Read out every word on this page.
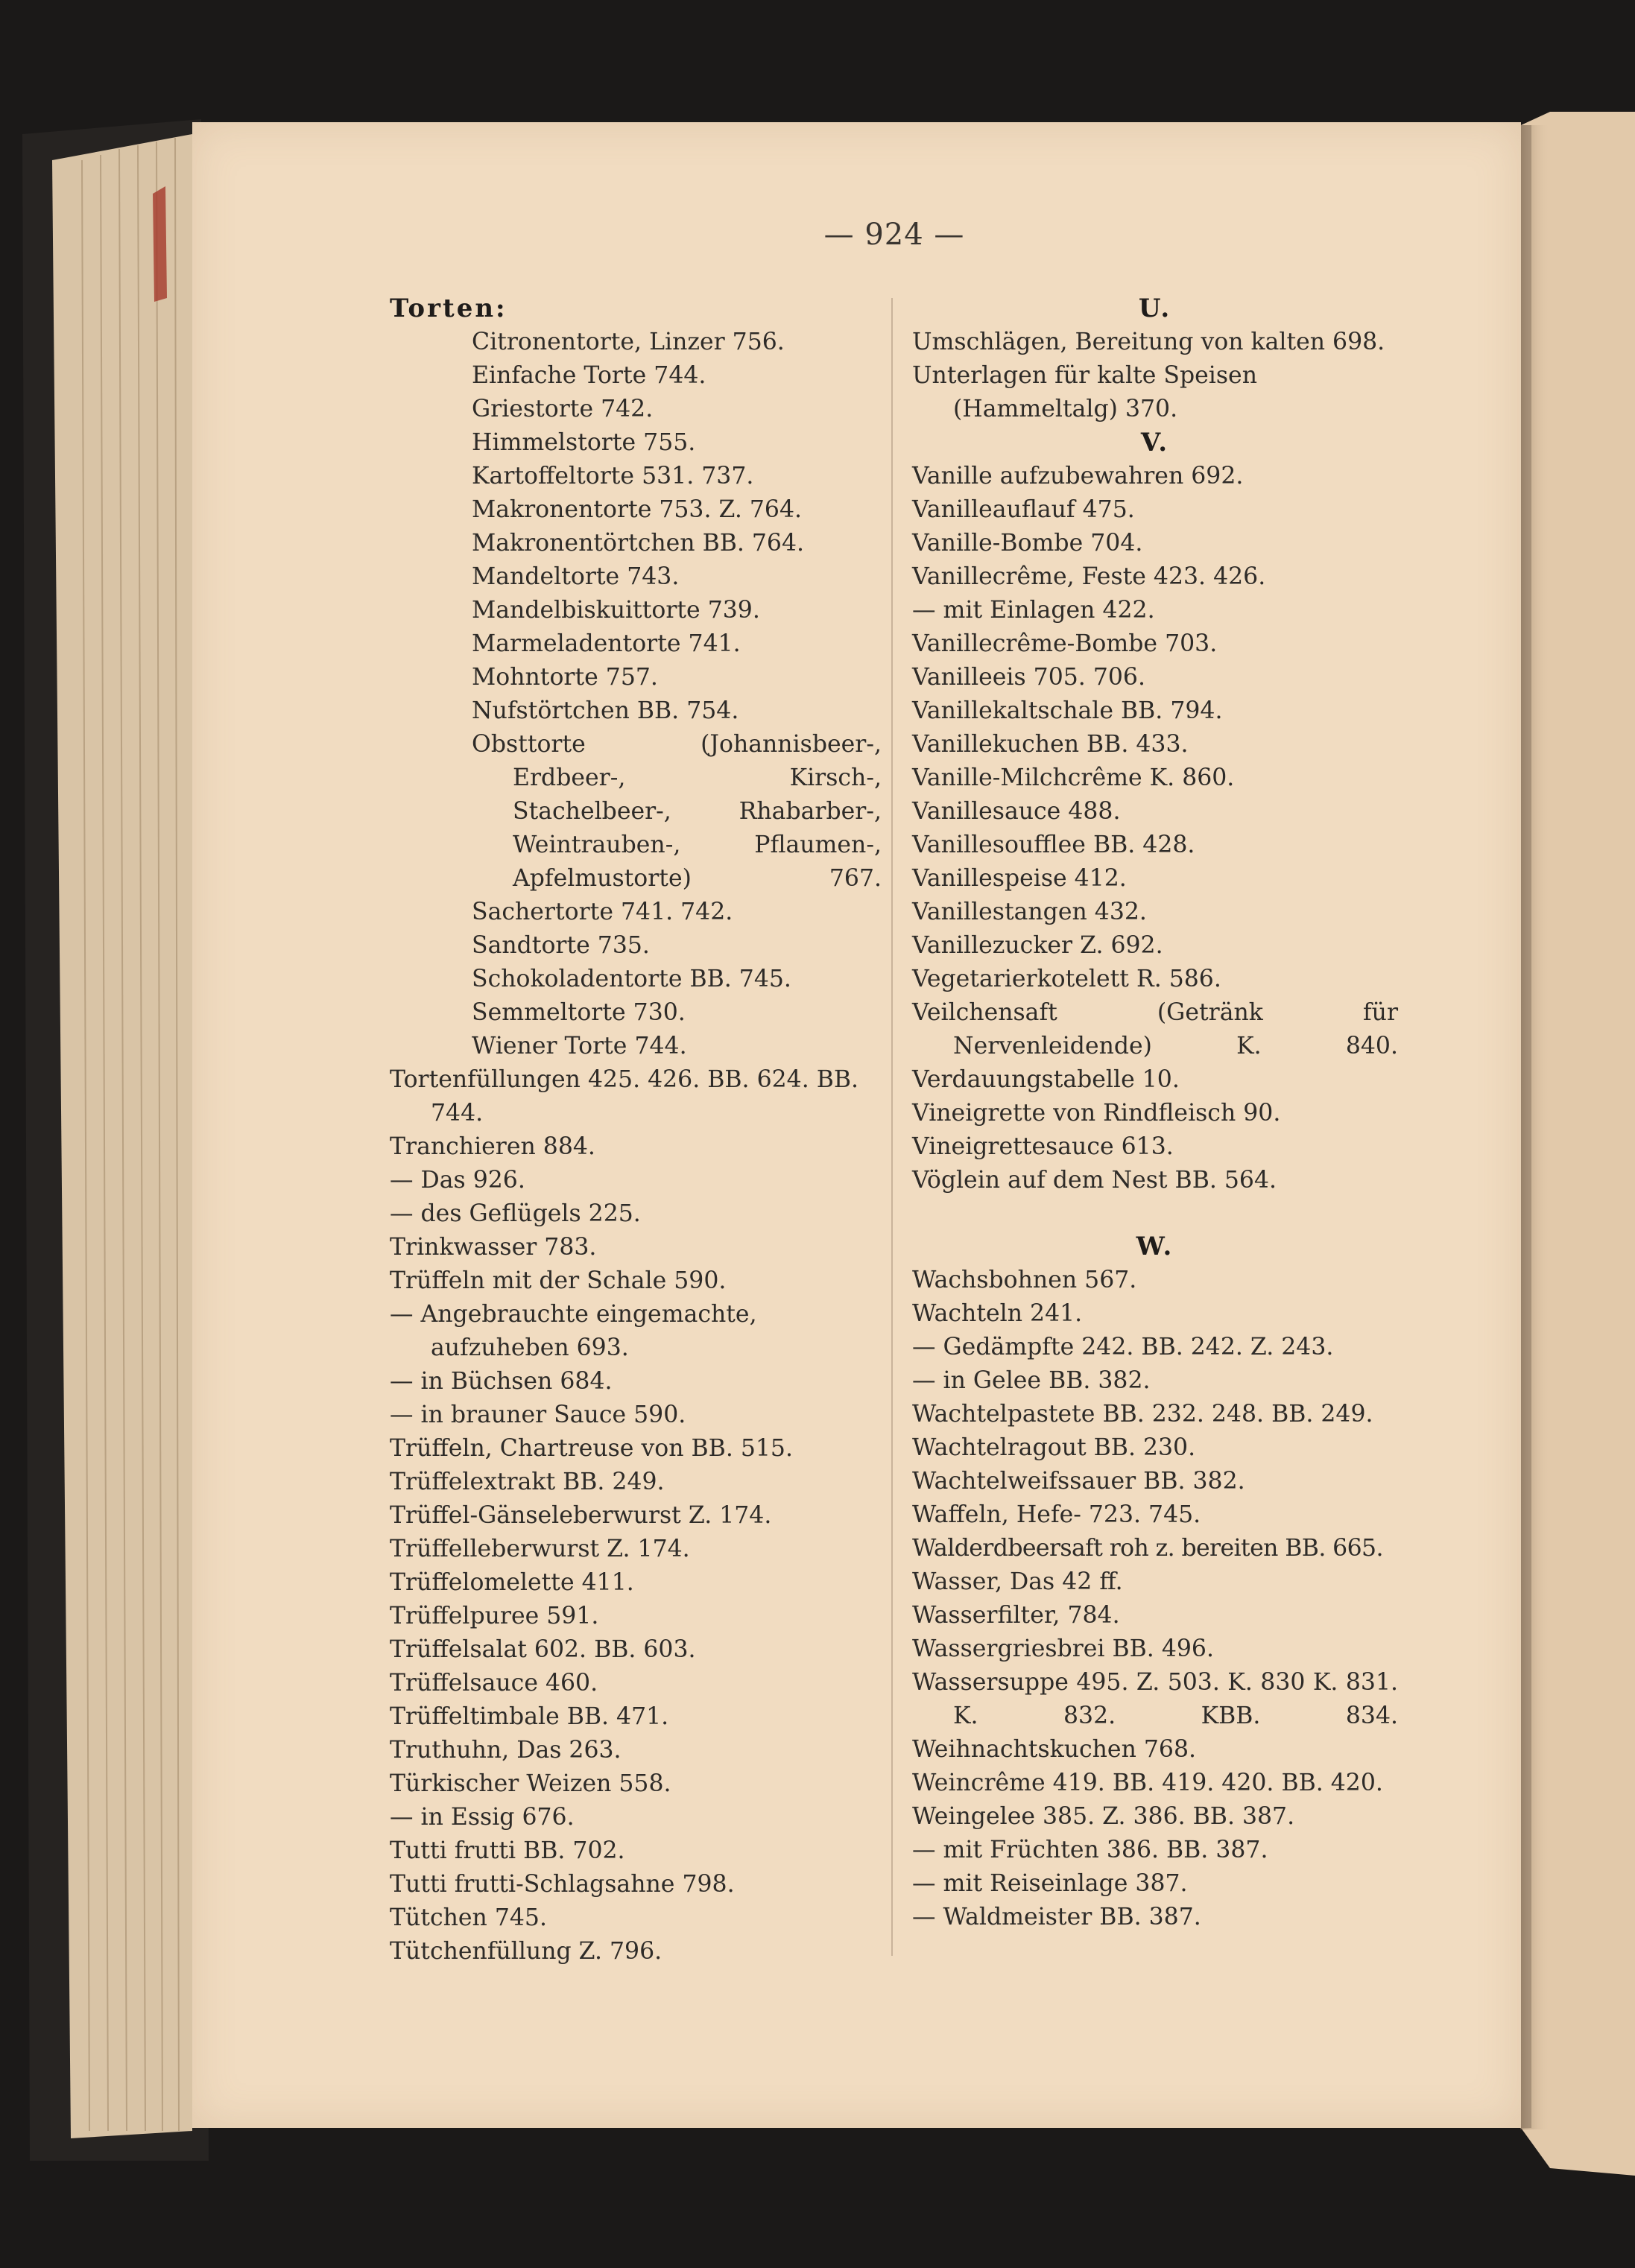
— 924 —
Torten:
Citronentorte, Linzer 756.
Einfache Torte 744.
Griestorte 742.
Himmelstorte 755.
Kartoffeltorte 531. 737.
Makronentorte 753. Z. 764.
Makronentörtchen BB. 764.
Mandeltorte 743.
Mandelbiskuittorte 739.
Marmeladentorte 741.
Mohntorte 757.
Nufstörtchen BB. 754.
Obsttorte (Johannisbeer-, Erdbeer-, Kirsch-, Stachelbeer-, Rhabarber-, Weintrauben-, Pflaumen-, Apfelmustorte) 767.
Sachertorte 741. 742.
Sandtorte 735.
Schokoladentorte BB. 745.
Semmeltorte 730.
Wiener Torte 744.
Tortenfüllungen 425. 426. BB. 624. BB. 744.
Tranchieren 884.
— Das 926.
— des Geflügels 225.
Trinkwasser 783.
Trüffeln mit der Schale 590.
— Angebrauchte eingemachte, aufzuheben 693.
— in Büchsen 684.
— in brauner Sauce 590.
Trüffeln, Chartreuse von BB. 515.
Trüffelextrakt BB. 249.
Trüffel-Gänseleberwurst Z. 174.
Trüffelleberwurst Z. 174.
Trüffelomelette 411.
Trüffelpuree 591.
Trüffelsalat 602. BB. 603.
Trüffelsauce 460.
Trüffeltimbale BB. 471.
Truthuhn, Das 263.
Türkischer Weizen 558.
— in Essig 676.
Tutti frutti BB. 702.
Tutti frutti-Schlagsahne 798.
Tütchen 745.
Tütchenfüllung Z. 796.
U.
Umschlägen, Bereitung von kalten 698.
Unterlagen für kalte Speisen (Hammeltalg) 370.
V.
Vanille aufzubewahren 692.
Vanilleauflauf 475.
Vanille-Bombe 704.
Vanillecrême, Feste 423. 426.
— mit Einlagen 422.
Vanillecrême-Bombe 703.
Vanilleeis 705. 706.
Vanillekaltschale BB. 794.
Vanillekuchen BB. 433.
Vanille-Milchcrême K. 860.
Vanillesauce 488.
Vanillesoufflee BB. 428.
Vanillespeise 412.
Vanillestangen 432.
Vanillezucker Z. 692.
Vegetarierkotelett R. 586.
Veilchensaft (Getränk für Nervenleidende) K. 840.
Verdauungstabelle 10.
Vineigrette von Rindfleisch 90.
Vineigrettesauce 613.
Vöglein auf dem Nest BB. 564.
W.
Wachsbohnen 567.
Wachteln 241.
— Gedämpfte 242. BB. 242. Z. 243.
— in Gelee BB. 382.
Wachtelpastete BB. 232. 248. BB. 249.
Wachtelragout BB. 230.
Wachtelweifssauer BB. 382.
Waffeln, Hefe- 723. 745.
Walderdbeersaft roh z. bereiten BB. 665.
Wasser, Das 42 ff.
Wasserfilter, 784.
Wassergriesbrei BB. 496.
Wassersuppe 495. Z. 503. K. 830 K. 831. K. 832. KBB. 834.
Weihnachtskuchen 768.
Weincrême 419. BB. 419. 420. BB. 420.
Weingelee 385. Z. 386. BB. 387.
— mit Früchten 386. BB. 387.
— mit Reiseinlage 387.
— Waldmeister BB. 387.
